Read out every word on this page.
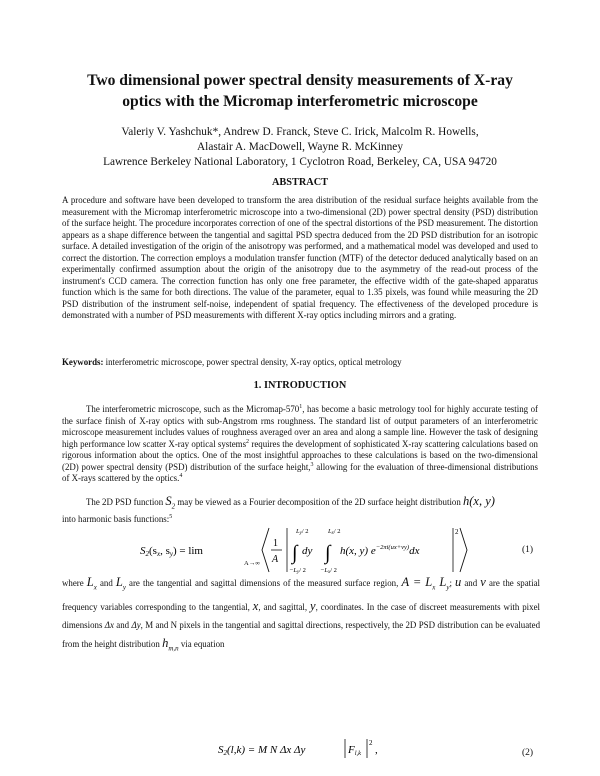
Two dimensional power spectral density measurements of X-ray
optics with the Micromap interferometric microscope
Valeriy V. Yashchuk*, Andrew D. Franck, Steve C. Irick, Malcolm R. Howells,
Alastair A. MacDowell, Wayne R. McKinney
Lawrence Berkeley National Laboratory, 1 Cyclotron Road, Berkeley, CA, USA 94720
ABSTRACT
A procedure and software have been developed to transform the area distribution of the residual surface heights available from the measurement with the Micromap interferometric microscope into a two-dimensional (2D) power spectral density (PSD) distribution of the surface height. The procedure incorporates correction of one of the spectral distortions of the PSD measurement. The distortion appears as a shape difference between the tangential and sagittal PSD spectra deduced from the 2D PSD distribution for an isotropic surface. A detailed investigation of the origin of the anisotropy was performed, and a mathematical model was developed and used to correct the distortion. The correction employs a modulation transfer function (MTF) of the detector deduced analytically based on an experimentally confirmed assumption about the origin of the anisotropy due to the asymmetry of the read-out process of the instrument's CCD camera. The correction function has only one free parameter, the effective width of the gate-shaped apparatus function which is the same for both directions. The value of the parameter, equal to 1.35 pixels, was found while measuring the 2D PSD distribution of the instrument self-noise, independent of spatial frequency. The effectiveness of the developed procedure is demonstrated with a number of PSD measurements with different X-ray optics including mirrors and a grating.
Keywords: interferometric microscope, power spectral density, X-ray optics, optical metrology
1. INTRODUCTION
The interferometric microscope, such as the Micromap-$570^1$, has become a basic metrology tool for highly accurate testing of the surface finish of X-ray optics with sub-Angstrom rms roughness. The standard list of output parameters of an interferometric microscope measurement includes values of roughness averaged over an area and along a sample line. However the task of designing high performance low scatter X-ray optical systems$^2$ requires the development of sophisticated X-ray scattering calculations based on rigorous information about the optics. One of the most insightful approaches to these calculations is based on the two-dimensional (2D) power spectral density (PSD) distribution of the surface height,$^3$ allowing for the evaluation of three-dimensional distributions of X-rays scattered by the optics.$^4$
The 2D PSD function $S_2$ may be viewed as a Fourier decomposition of the 2D surface height distribution h(x, y)
into harmonic basis functions:$^5$
S2(sx, sy) = lim
A→∞
1
A
Ly/ 2
∫
−Ly/ 2
dy
Lx/ 2
∫
−Lx/ 2
h(x, y) $e^{-2\pi i(ux+\nu y)}dx$
2
(1)
where $L_x$ and $L_y$ are the tangential and sagittal dimensions of the measured surface region, $A = L_x$ $L_y$; u and ν are the spatial frequency variables corresponding to the tangential, x, and sagittal, y, coordinates. In the case of discreet measurements with pixel dimensions Δx and Δy, M and N pixels in the tangential and sagittal directions, respectively, the 2D PSD distribution can be evaluated from the height distribution $h_{m,n}$ via equation
S2(l,k) = M N Δx Δy	Fl,k
2
,	(2)
